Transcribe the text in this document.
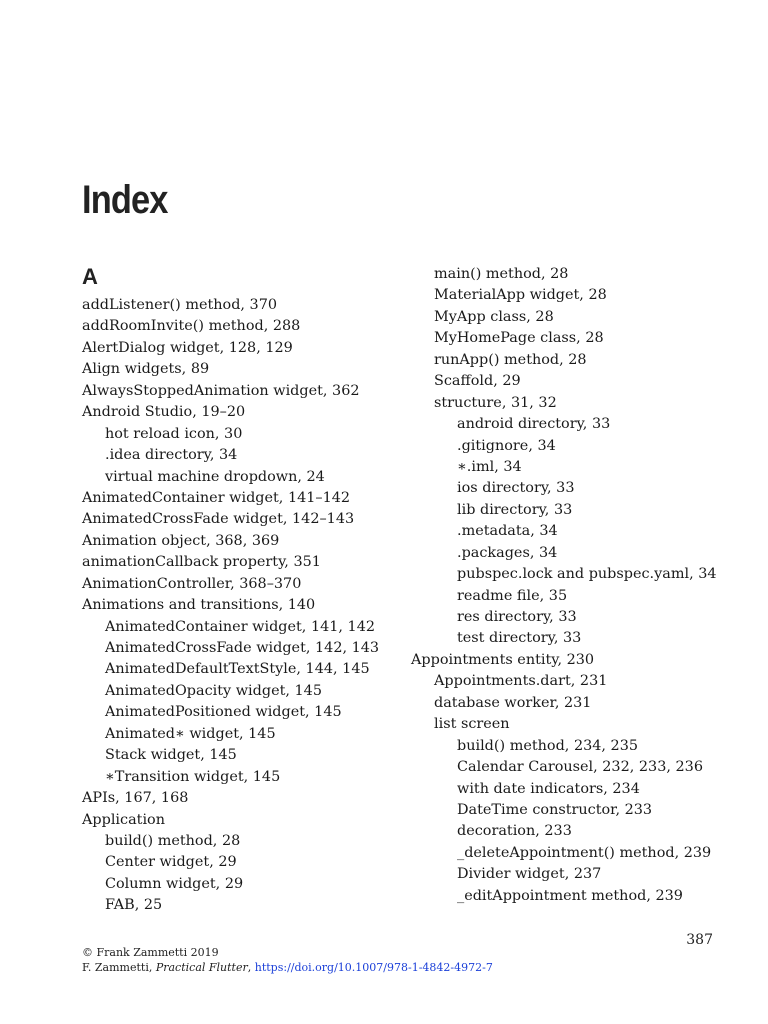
Index
A
addListener() method, 370
addRoomInvite() method, 288
AlertDialog widget, 128, 129
Align widgets, 89
AlwaysStoppedAnimation widget, 362
Android Studio, 19–20
hot reload icon, 30
.idea directory, 34
virtual machine dropdown, 24
AnimatedContainer widget, 141–142
AnimatedCrossFade widget, 142–143
Animation object, 368, 369
animationCallback property, 351
AnimationController, 368–370
Animations and transitions, 140
AnimatedContainer widget, 141, 142
AnimatedCrossFade widget, 142, 143
AnimatedDefaultTextStyle, 144, 145
AnimatedOpacity widget, 145
AnimatedPositioned widget, 145
Animated∗ widget, 145
Stack widget, 145
∗Transition widget, 145
APIs, 167, 168
Application
build() method, 28
Center widget, 29
Column widget, 29
FAB, 25
main() method, 28
MaterialApp widget, 28
MyApp class, 28
MyHomePage class, 28
runApp() method, 28
Scaffold, 29
structure, 31, 32
android directory, 33
.gitignore, 34
∗.iml, 34
ios directory, 33
lib directory, 33
.metadata, 34
.packages, 34
pubspec.lock and pubspec.yaml, 34
readme file, 35
res directory, 33
test directory, 33
Appointments entity, 230
Appointments.dart, 231
database worker, 231
list screen
build() method, 234, 235
Calendar Carousel, 232, 233, 236
with date indicators, 234
DateTime constructor, 233
decoration, 233
_deleteAppointment() method, 239
Divider widget, 237
_editAppointment method, 239
387
© Frank Zammetti 2019
F. Zammetti, Practical Flutter, https://doi.org/10.1007/978-1-4842-4972-7
